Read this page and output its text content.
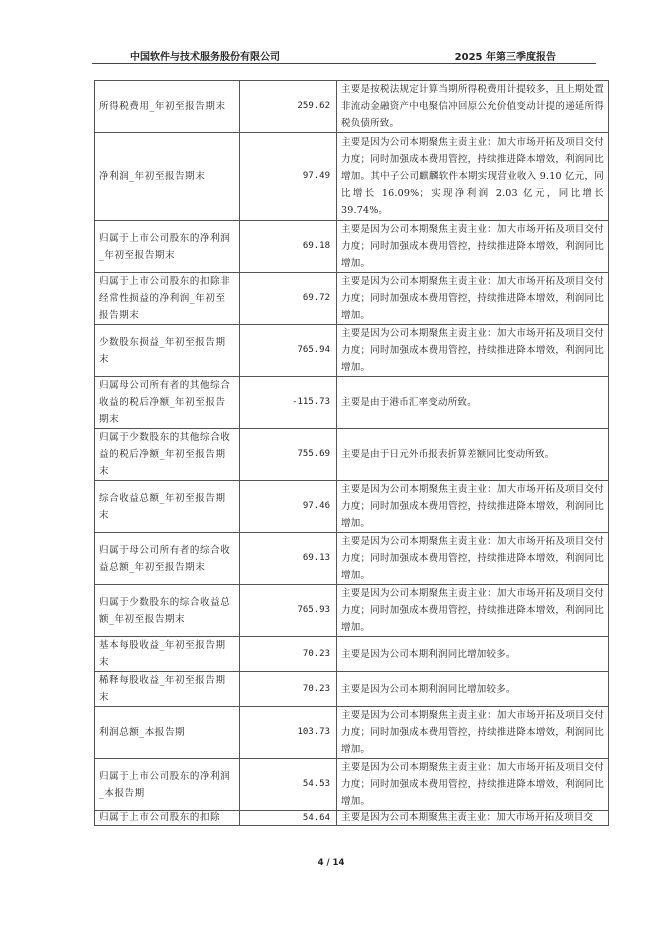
中国软件与技术服务股份有限公司	2025 年第三季度报告
所得税费用_年初至报告期末	259.62	主要是按税法规定计算当期所得税费用计提较多，且上期处置非流动金融资产中电聚信冲回原公允价值变动计提的递延所得税负债所致。
净利润_年初至报告期末	97.49	主要是因为公司本期聚焦主责主业：加大市场开拓及项目交付力度；同时加强成本费用管控，持续推进降本增效，利润同比增加。其中子公司麒麟软件本期实现营业收入 9.10 亿元，同比增长 16.09%；实现净利润 2.03 亿元，同比增长 39.74%。
归属于上市公司股东的净利润_年初至报告期末	69.18	主要是因为公司本期聚焦主责主业：加大市场开拓及项目交付力度；同时加强成本费用管控，持续推进降本增效，利润同比增加。
归属于上市公司股东的扣除非经常性损益的净利润_年初至报告期末	69.72	主要是因为公司本期聚焦主责主业：加大市场开拓及项目交付力度；同时加强成本费用管控，持续推进降本增效，利润同比增加。
少数股东损益_年初至报告期末	765.94	主要是因为公司本期聚焦主责主业：加大市场开拓及项目交付力度；同时加强成本费用管控，持续推进降本增效，利润同比增加。
归属母公司所有者的其他综合收益的税后净额_年初至报告期末	-115.73	主要是由于港币汇率变动所致。
归属于少数股东的其他综合收益的税后净额_年初至报告期末	755.69	主要是由于日元外币报表折算差额同比变动所致。
综合收益总额_年初至报告期末	97.46	主要是因为公司本期聚焦主责主业：加大市场开拓及项目交付力度；同时加强成本费用管控，持续推进降本增效，利润同比增加。
归属于母公司所有者的综合收益总额_年初至报告期末	69.13	主要是因为公司本期聚焦主责主业：加大市场开拓及项目交付力度；同时加强成本费用管控，持续推进降本增效，利润同比增加。
归属于少数股东的综合收益总额_年初至报告期末	765.93	主要是因为公司本期聚焦主责主业：加大市场开拓及项目交付力度；同时加强成本费用管控，持续推进降本增效，利润同比增加。
基本每股收益_年初至报告期末	70.23	主要是因为公司本期利润同比增加较多。
稀释每股收益_年初至报告期末	70.23	主要是因为公司本期利润同比增加较多。
利润总额_本报告期	103.73	主要是因为公司本期聚焦主责主业：加大市场开拓及项目交付力度；同时加强成本费用管控，持续推进降本增效，利润同比增加。
归属于上市公司股东的净利润_本报告期	54.53	主要是因为公司本期聚焦主责主业：加大市场开拓及项目交付力度；同时加强成本费用管控，持续推进降本增效，利润同比增加。
归属于上市公司股东的扣除	54.64	主要是因为公司本期聚焦主责主业：加大市场开拓及项目交
4 / 14
